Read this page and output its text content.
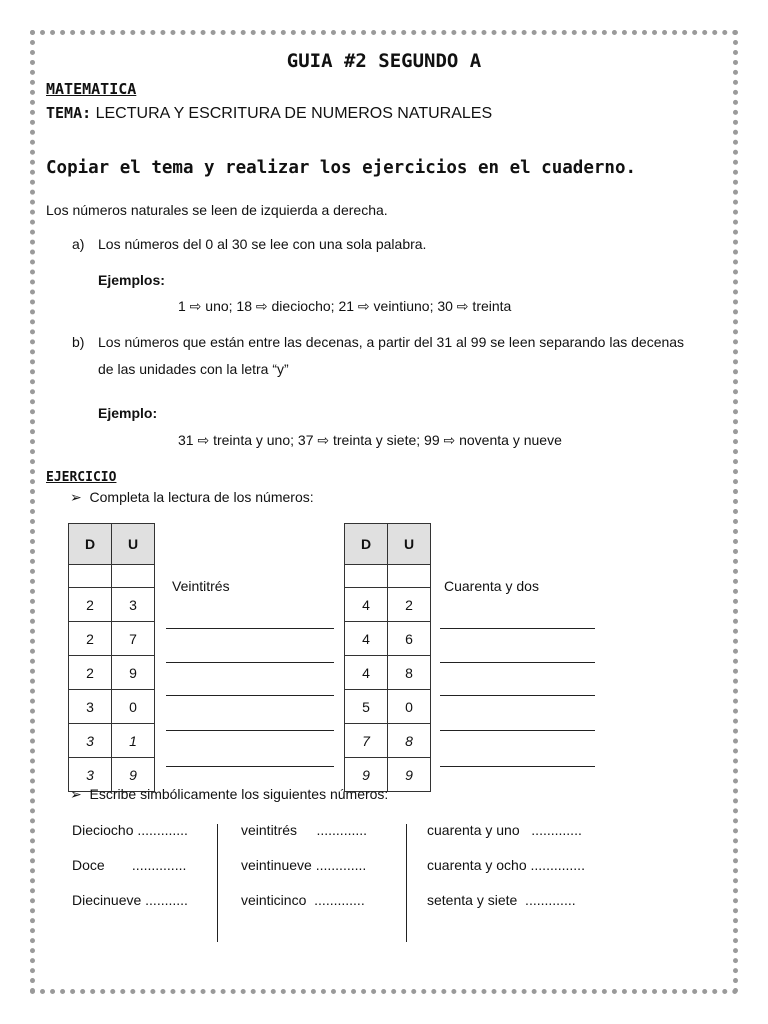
GUIA #2 SEGUNDO A
MATEMATICA
TEMA: LECTURA Y ESCRITURA DE NUMEROS NATURALES
Copiar el tema y realizar los ejercicios en el cuaderno.
Los números naturales se leen de izquierda a derecha.
a) Los números del 0 al 30 se lee con una sola palabra.
Ejemplos:
1 ⇨ uno; 18 ⇨ dieciocho; 21 ⇨ veintiuno; 30 ⇨ treinta
b) Los números que están entre las decenas, a partir del 31 al 99 se leen separando las decenas
de las unidades con la letra “y”
Ejemplo:
31 ⇨ treinta y uno; 37 ⇨ treinta y siete; 99 ⇨ noventa y nueve
EJERCICIO
➢ Completa la lectura de los números:
D	U

2	3
2	7
2	9
3	0
3	1
3	9
Veintitrés
D	U

4	2
4	6
4	8
5	0
7	8
9	9
Cuarenta y dos
➢ Escribe simbólicamente los siguientes números:
Dieciocho .............
Doce       ..............
Diecinueve ...........
veintitrés     .............
veintinueve .............
veinticinco  .............
cuarenta y uno   .............
cuarenta y ocho ..............
setenta y siete  .............
